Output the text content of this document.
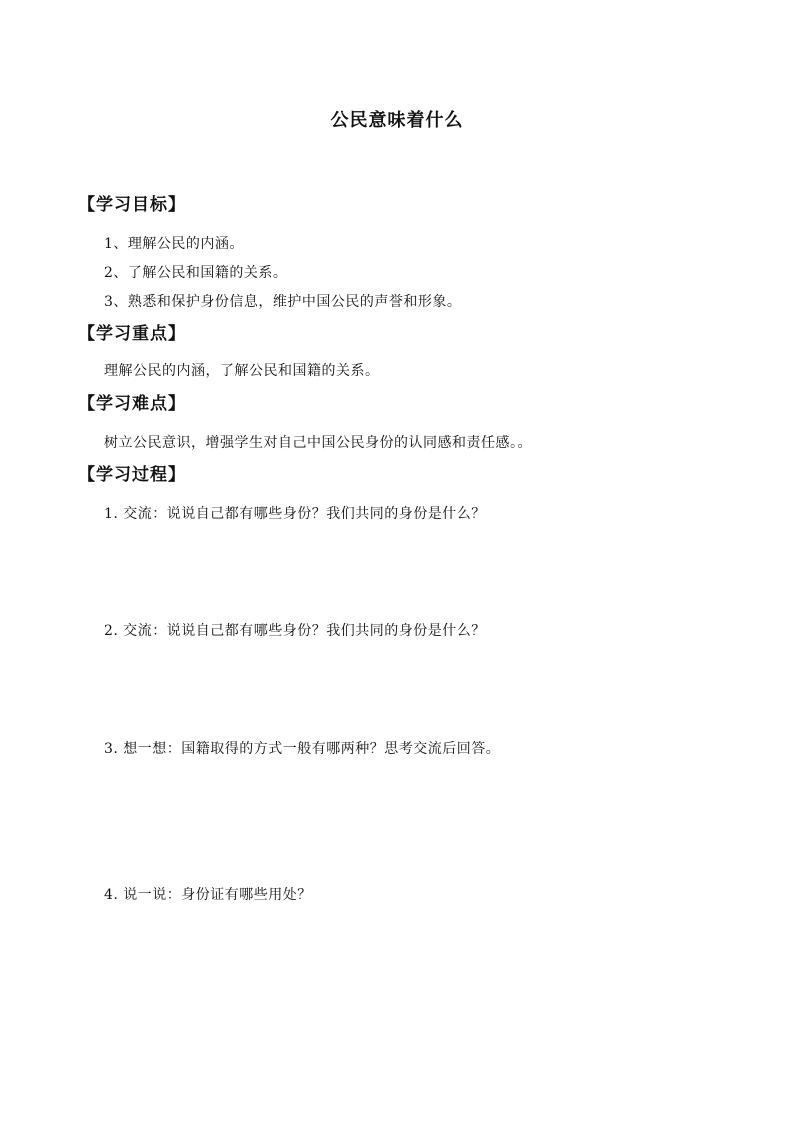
公民意味着什么
【学习目标】
1、理解公民的内涵。
2、了解公民和国籍的关系。
3、熟悉和保护身份信息，维护中国公民的声誉和形象。
【学习重点】
理解公民的内涵，了解公民和国籍的关系。
【学习难点】
树立公民意识，增强学生对自己中国公民身份的认同感和责任感。。
【学习过程】
1. 交流：说说自己都有哪些身份？我们共同的身份是什么？
2. 交流：说说自己都有哪些身份？我们共同的身份是什么？
3. 想一想：国籍取得的方式一般有哪两种？思考交流后回答。
4. 说一说：身份证有哪些用处？
